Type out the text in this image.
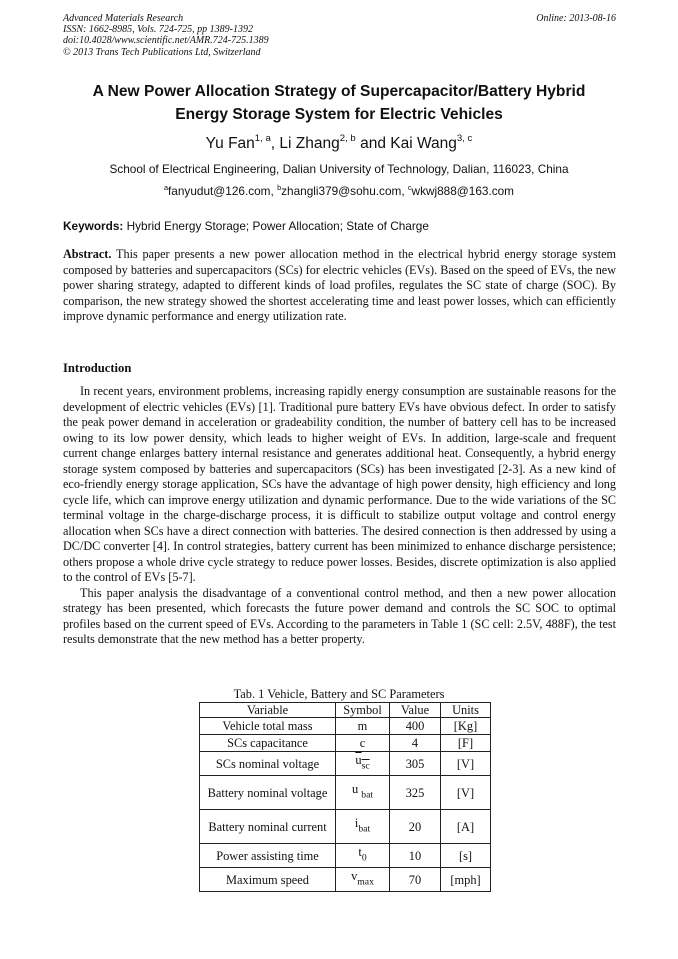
Advanced Materials Research
ISSN: 1662-8985, Vols. 724-725, pp 1389-1392
doi:10.4028/www.scientific.net/AMR.724-725.1389
© 2013 Trans Tech Publications Ltd, Switzerland
Online: 2013-08-16
A New Power Allocation Strategy of Supercapacitor/Battery Hybrid
Energy Storage System for Electric Vehicles
Yu Fan$^{1, a}$, Li Zhang$^{2, b}$ and Kai Wang$^{3, c}$
School of Electrical Engineering, Dalian University of Technology, Dalian, 116023, China
$^a$fanyudut@126.com, $^b$zhangli379@sohu.com, $^c$wkwj888@163.com
Keywords: Hybrid Energy Storage; Power Allocation; State of Charge
Abstract. This paper presents a new power allocation method in the electrical hybrid energy storage system composed by batteries and supercapacitors (SCs) for electric vehicles (EVs). Based on the speed of EVs, the new power sharing strategy, adapted to different kinds of load profiles, regulates the SC state of charge (SOC). By comparison, the new strategy showed the shortest accelerating time and least power losses, which can efficiently improve dynamic performance and energy utilization rate.
Introduction

In recent years, environment problems, increasing rapidly energy consumption are sustainable reasons for the development of electric vehicles (EVs) [1]. Traditional pure battery EVs have obvious defect. In order to satisfy the peak power demand in acceleration or gradeability condition, the number of battery cell has to be increased owing to its low power density, which leads to higher weight of EVs. In addition, large-scale and frequent current change enlarges battery internal resistance and generates additional heat. Consequently, a hybrid energy storage system composed by batteries and supercapacitors (SCs) has been investigated [2-3]. As a new kind of eco-friendly energy storage application, SCs have the advantage of high power density, high efficiency and long cycle life, which can improve energy utilization and dynamic performance. Due to the wide variations of the SC terminal voltage in the charge-discharge process, it is difficult to stabilize output voltage and control energy allocation when SCs have a direct connection with batteries. The desired connection is then addressed by using a DC/DC converter [4]. In control strategies, battery current has been minimized to enhance discharge persistence; others propose a whole drive cycle strategy to reduce power losses. Besides, discrete optimization is also applied to the control of EVs [5-7].

This paper analysis the disadvantage of a conventional control method, and then a new power allocation strategy has been presented, which forecasts the future power demand and controls the SC SOC to optimal profiles based on the current speed of EVs. According to the parameters in Table 1 (SC cell: 2.5V, 488F), the test results demonstrate that the new method has a better property.

Tab. 1 Vehicle, Battery and SC Parameters
Variable	Symbol	Value	Units
Vehicle total mass	m	400	[Kg]
SCs capacitance	c	4	[F]
SCs nominal voltage	$u_{sc}$	305	[V]
Battery nominal voltage	u $_{bat}$	325	[V]
Battery nominal current	$i_{bat}$	20	[A]
Power assisting time	$t_0$	10	[s]
Maximum speed	$v_{max}$	70	[mph]
